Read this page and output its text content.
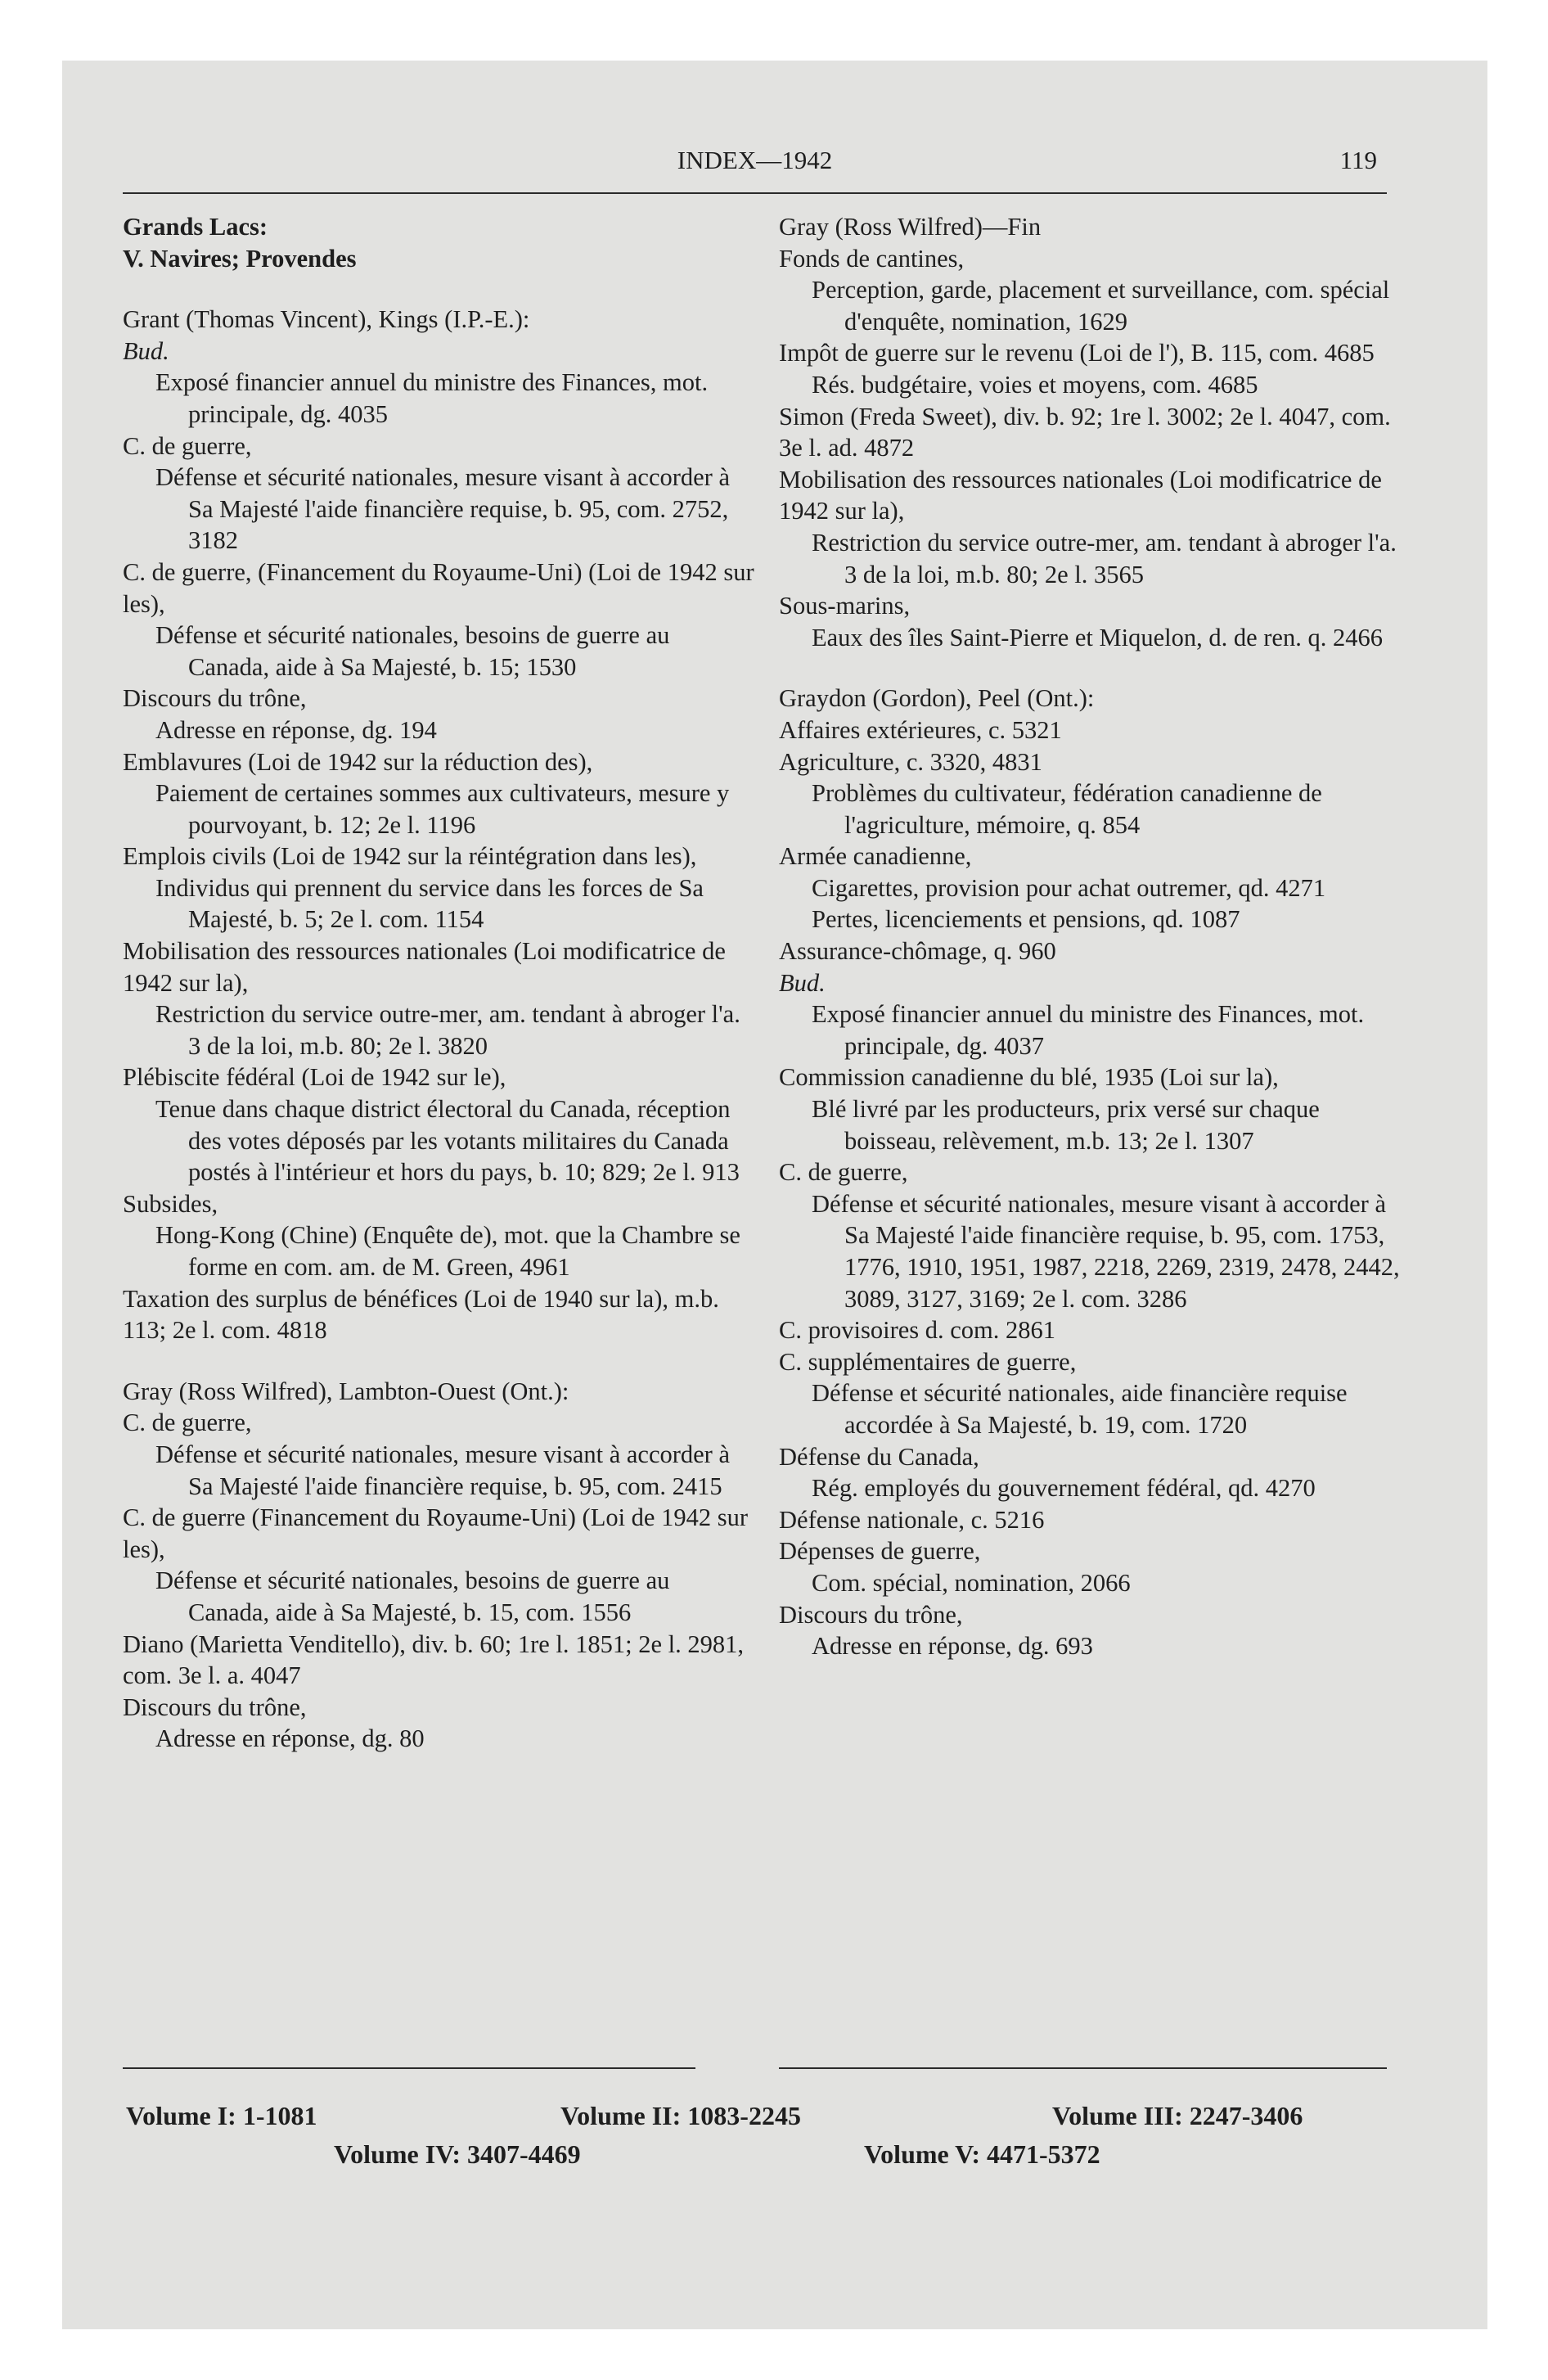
INDEX—1942	119

Grands Lacs:

V. Navires; Provendes

Grant (Thomas Vincent), Kings (I.P.-E.):

Bud.

Exposé financier annuel du ministre des Finances, mot. principale, dg. 4035

C. de guerre,

Défense et sécurité nationales, mesure visant à accorder à Sa Majesté l'aide financière requise, b. 95, com. 2752, 3182

C. de guerre, (Financement du Royaume-Uni) (Loi de 1942 sur les),

Défense et sécurité nationales, besoins de guerre au Canada, aide à Sa Majesté, b. 15; 1530

Discours du trône,

Adresse en réponse, dg. 194

Emblavures (Loi de 1942 sur la réduction des),

Paiement de certaines sommes aux cultivateurs, mesure y pourvoyant, b. 12; 2e l. 1196

Emplois civils (Loi de 1942 sur la réintégration dans les),

Individus qui prennent du service dans les forces de Sa Majesté, b. 5; 2e l. com. 1154

Mobilisation des ressources nationales (Loi modificatrice de 1942 sur la),

Restriction du service outre-mer, am. tendant à abroger l'a. 3 de la loi, m.b. 80; 2e l. 3820

Plébiscite fédéral (Loi de 1942 sur le),

Tenue dans chaque district électoral du Canada, réception des votes déposés par les votants militaires du Canada postés à l'intérieur et hors du pays, b. 10; 829; 2e l. 913

Subsides,

Hong-Kong (Chine) (Enquête de), mot. que la Chambre se forme en com. am. de M. Green, 4961

Taxation des surplus de bénéfices (Loi de 1940 sur la), m.b. 113; 2e l. com. 4818

Gray (Ross Wilfred), Lambton-Ouest (Ont.):

C. de guerre,

Défense et sécurité nationales, mesure visant à accorder à Sa Majesté l'aide financière requise, b. 95, com. 2415

C. de guerre (Financement du Royaume-Uni) (Loi de 1942 sur les),

Défense et sécurité nationales, besoins de guerre au Canada, aide à Sa Majesté, b. 15, com. 1556

Diano (Marietta Venditello), div. b. 60; 1re l. 1851; 2e l. 2981, com. 3e l. a. 4047

Discours du trône,

Adresse en réponse, dg. 80

Gray (Ross Wilfred)—Fin

Fonds de cantines,

Perception, garde, placement et surveillance, com. spécial d'enquête, nomination, 1629

Impôt de guerre sur le revenu (Loi de l'), B. 115, com. 4685

Rés. budgétaire, voies et moyens, com. 4685

Simon (Freda Sweet), div. b. 92; 1re l. 3002; 2e l. 4047, com. 3e l. ad. 4872

Mobilisation des ressources nationales (Loi modificatrice de 1942 sur la),

Restriction du service outre-mer, am. tendant à abroger l'a. 3 de la loi, m.b. 80; 2e l. 3565

Sous-marins,

Eaux des îles Saint-Pierre et Miquelon, d. de ren. q. 2466

Graydon (Gordon), Peel (Ont.):

Affaires extérieures, c. 5321

Agriculture, c. 3320, 4831

Problèmes du cultivateur, fédération canadienne de l'agriculture, mémoire, q. 854

Armée canadienne,

Cigarettes, provision pour achat outremer, qd. 4271

Pertes, licenciements et pensions, qd. 1087

Assurance-chômage, q. 960

Bud.

Exposé financier annuel du ministre des Finances, mot. principale, dg. 4037

Commission canadienne du blé, 1935 (Loi sur la),

Blé livré par les producteurs, prix versé sur chaque boisseau, relèvement, m.b. 13; 2e l. 1307

C. de guerre,

Défense et sécurité nationales, mesure visant à accorder à Sa Majesté l'aide financière requise, b. 95, com. 1753, 1776, 1910, 1951, 1987, 2218, 2269, 2319, 2478, 2442, 3089, 3127, 3169; 2e l. com. 3286

C. provisoires d. com. 2861

C. supplémentaires de guerre,

Défense et sécurité nationales, aide financière requise accordée à Sa Majesté, b. 19, com. 1720

Défense du Canada,

Rég. employés du gouvernement fédéral, qd. 4270

Défense nationale, c. 5216

Dépenses de guerre,

Com. spécial, nomination, 2066

Discours du trône,

Adresse en réponse, dg. 693

Volume I: 1-1081	Volume II: 1083-2245	Volume III: 2247-3406
Volume IV: 3407-4469	Volume V: 4471-5372
